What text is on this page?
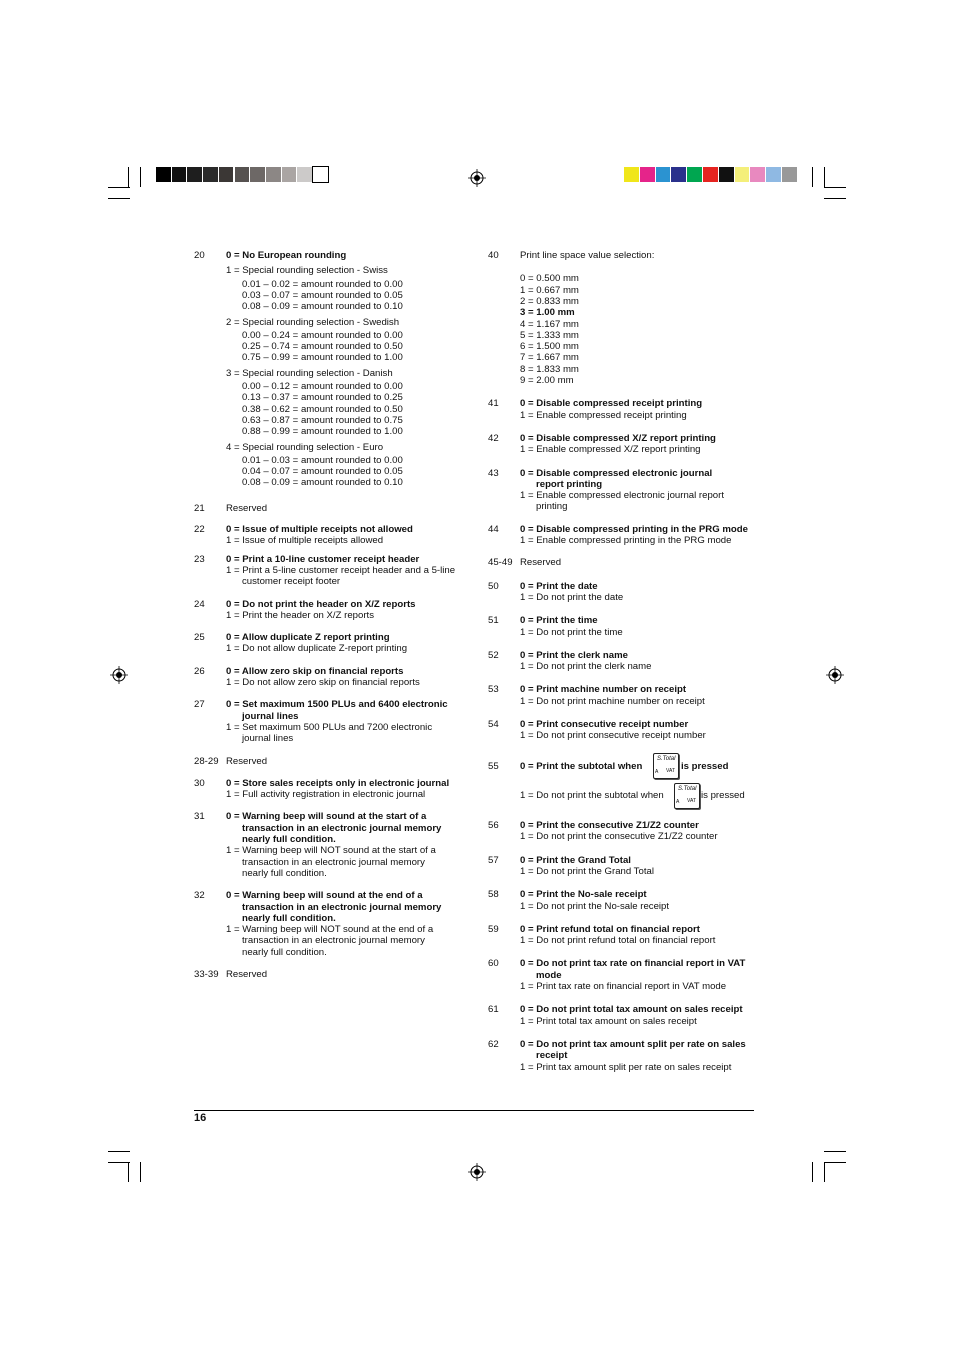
20 0 = No European rounding
1 = Special rounding selection - Swiss
0.01 – 0.02 = amount rounded to 0.00
0.03 – 0.07 = amount rounded to 0.05
0.08 – 0.09 = amount rounded to 0.10
2 = Special rounding selection - Swedish
0.00 – 0.24 = amount rounded to 0.00
0.25 – 0.74 = amount rounded to 0.50
0.75 – 0.99 = amount rounded to 1.00
3 = Special rounding selection - Danish
0.00 – 0.12 = amount rounded to 0.00
0.13 – 0.37 = amount rounded to 0.25
0.38 – 0.62 = amount rounded to 0.50
0.63 – 0.87 = amount rounded to 0.75
0.88 – 0.99 = amount rounded to 1.00
4 = Special rounding selection - Euro
0.01 – 0.03 = amount rounded to 0.00
0.04 – 0.07 = amount rounded to 0.05
0.08 – 0.09 = amount rounded to 0.10
21 Reserved
22 0 = Issue of multiple receipts not allowed
1 = Issue of multiple receipts allowed
23 0 = Print a 10-line customer receipt header
1 = Print a 5-line customer receipt header and a 5-line
customer receipt footer
24 0 = Do not print the header on X/Z reports
1 = Print the header on X/Z reports
25 0 = Allow duplicate Z report printing
1 = Do not allow duplicate Z-report printing
26 0 = Allow zero skip on financial reports
1 = Do not allow zero skip on financial reports
27 0 = Set maximum 1500 PLUs and 6400 electronic
journal lines
1 = Set maximum 500 PLUs and 7200 electronic
journal lines
28-29 Reserved
30 0 = Store sales receipts only in electronic journal
1 = Full activity registration in electronic journal
31 0 = Warning beep will sound at the start of a
transaction in an electronic journal memory
nearly full condition.
1 = Warning beep will NOT sound at the start of a
transaction in an electronic journal memory
nearly full condition.
32 0 = Warning beep will sound at the end of a
transaction in an electronic journal memory
nearly full condition.
1 = Warning beep will NOT sound at the end of a
transaction in an electronic journal memory
nearly full condition.
33-39 Reserved
40 Print line space value selection:
0 = 0.500 mm
1 = 0.667 mm
2 = 0.833 mm
3 = 1.00 mm
4 = 1.167 mm
5 = 1.333 mm
6 = 1.500 mm
7 = 1.667 mm
8 = 1.833 mm
9 = 2.00 mm
41 0 = Disable compressed receipt printing
1 = Enable compressed receipt printing
42 0 = Disable compressed X/Z report printing
1 = Enable compressed X/Z report printing
43 0 = Disable compressed electronic journal
report printing
1 = Enable compressed electronic journal report
printing
44 0 = Disable compressed printing in the PRG mode
1 = Enable compressed printing in the PRG mode
45-49 Reserved
50 0 = Print the date
1 = Do not print the date
51 0 = Print the time
1 = Do not print the time
52 0 = Print the clerk name
1 = Do not print the clerk name
53 0 = Print machine number on receipt
1 = Do not print machine number on receipt
54 0 = Print consecutive receipt number
1 = Do not print consecutive receipt number
55 0 = Print the subtotal when
S.Total
A VAT is pressed
1 = Do not print the subtotal when
S.Total
A VAT is pressed
56 0 = Print the consecutive Z1/Z2 counter
1 = Do not print the consecutive Z1/Z2 counter
57 0 = Print the Grand Total
1 = Do not print the Grand Total
58 0 = Print the No-sale receipt
1 = Do not print the No-sale receipt
59 0 = Print refund total on financial report
1 = Do not print refund total on financial report
60 0 = Do not print tax rate on financial report in VAT
mode
1 = Print tax rate on financial report in VAT mode
61 0 = Do not print total tax amount on sales receipt
1 = Print total tax amount on sales receipt
62 0 = Do not print tax amount split per rate on sales
receipt
1 = Print tax amount split per rate on sales receipt
16
